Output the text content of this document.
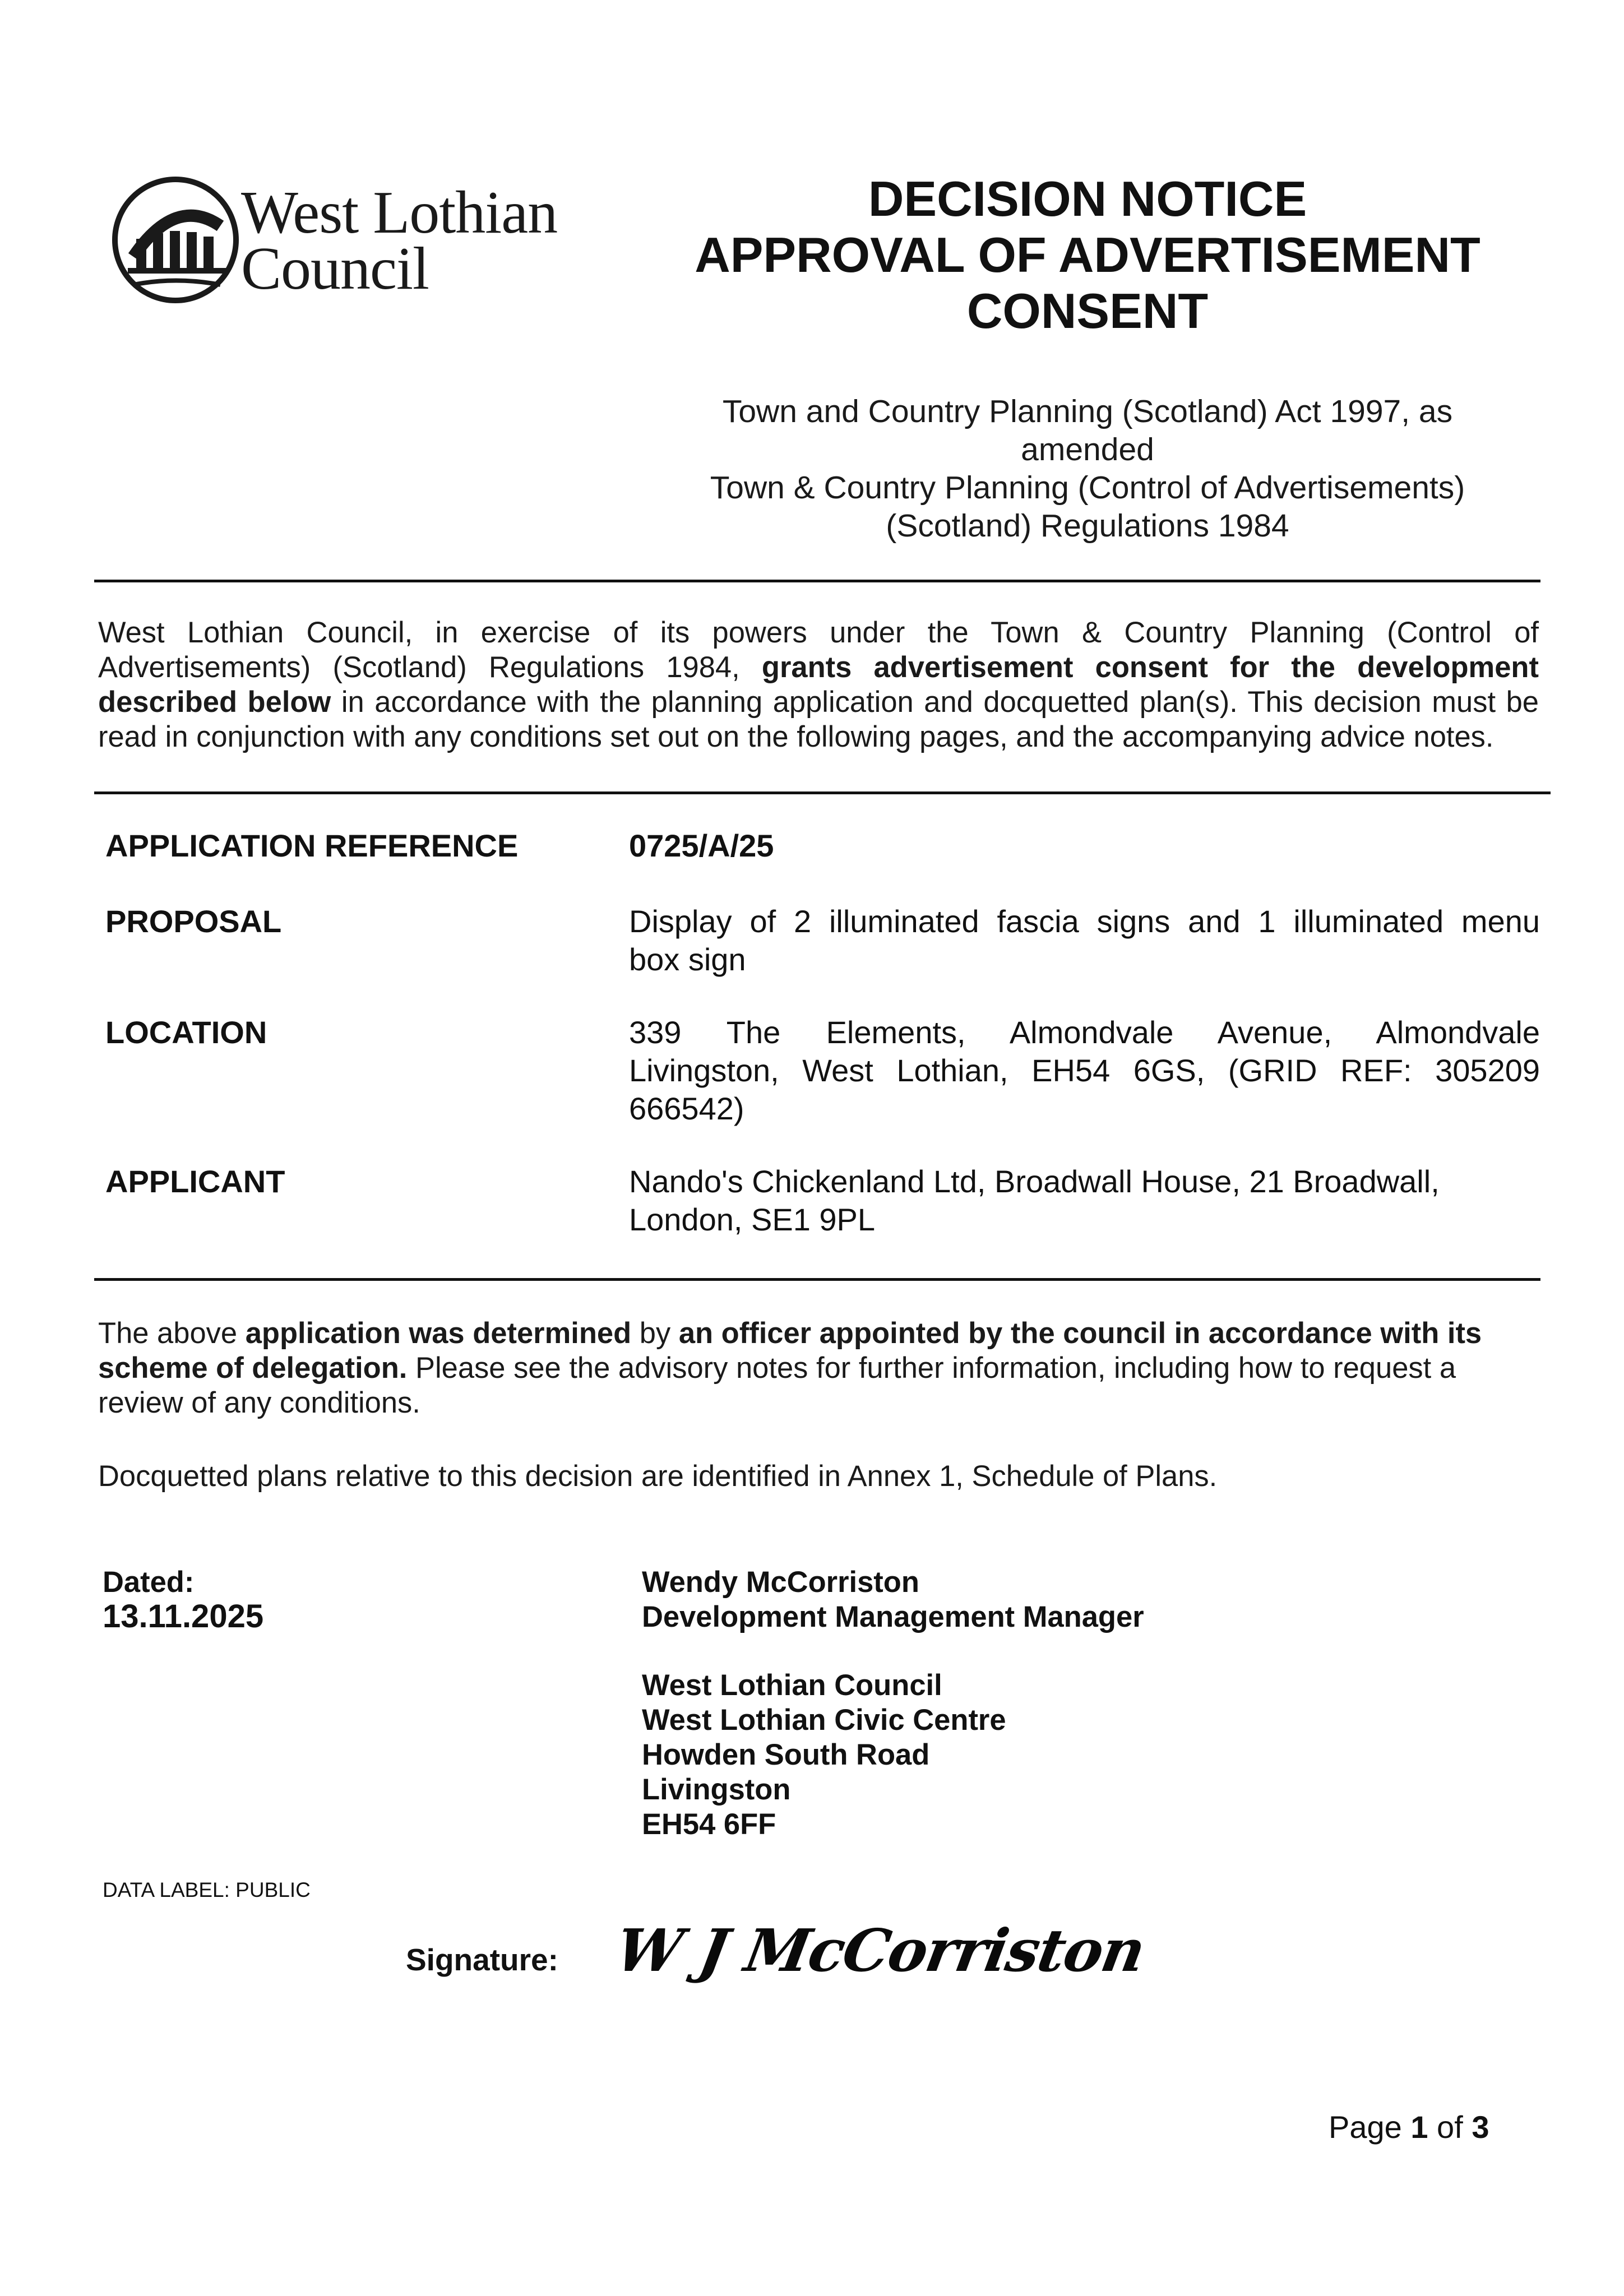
West Lothian
Council
DECISION NOTICE
APPROVAL OF ADVERTISEMENT
CONSENT
Town and Country Planning (Scotland) Act 1997, as
amended
Town & Country Planning (Control of Advertisements)
(Scotland) Regulations 1984
West Lothian Council, in exercise of its powers under the Town & Country Planning (Control of Advertisements) (Scotland) Regulations 1984, grants advertisement consent for the development described below in accordance with the planning application and docquetted plan(s). This decision must be read in conjunction with any conditions set out on the following pages, and the accompanying advice notes.
APPLICATION REFERENCE	0725/A/25
PROPOSAL	Display of 2 illuminated fascia signs and 1 illuminated menu
box sign
LOCATION	339 The Elements, Almondvale Avenue, Almondvale
Livingston, West Lothian, EH54 6GS, (GRID REF: 305209
666542)
APPLICANT	Nando's Chickenland Ltd, Broadwall House, 21 Broadwall,
London, SE1 9PL
The above application was determined by an officer appointed by the council in accordance with its scheme of delegation. Please see the advisory notes for further information, including how to request a review of any conditions.
Docquetted plans relative to this decision are identified in Annex 1, Schedule of Plans.
Dated:
13.11.2025
Wendy McCorriston
Development Management Manager
West Lothian Council
West Lothian Civic Centre
Howden South Road
Livingston
EH54 6FF
DATA LABEL: PUBLIC
Signature: W J McCorriston
Page 1 of 3
